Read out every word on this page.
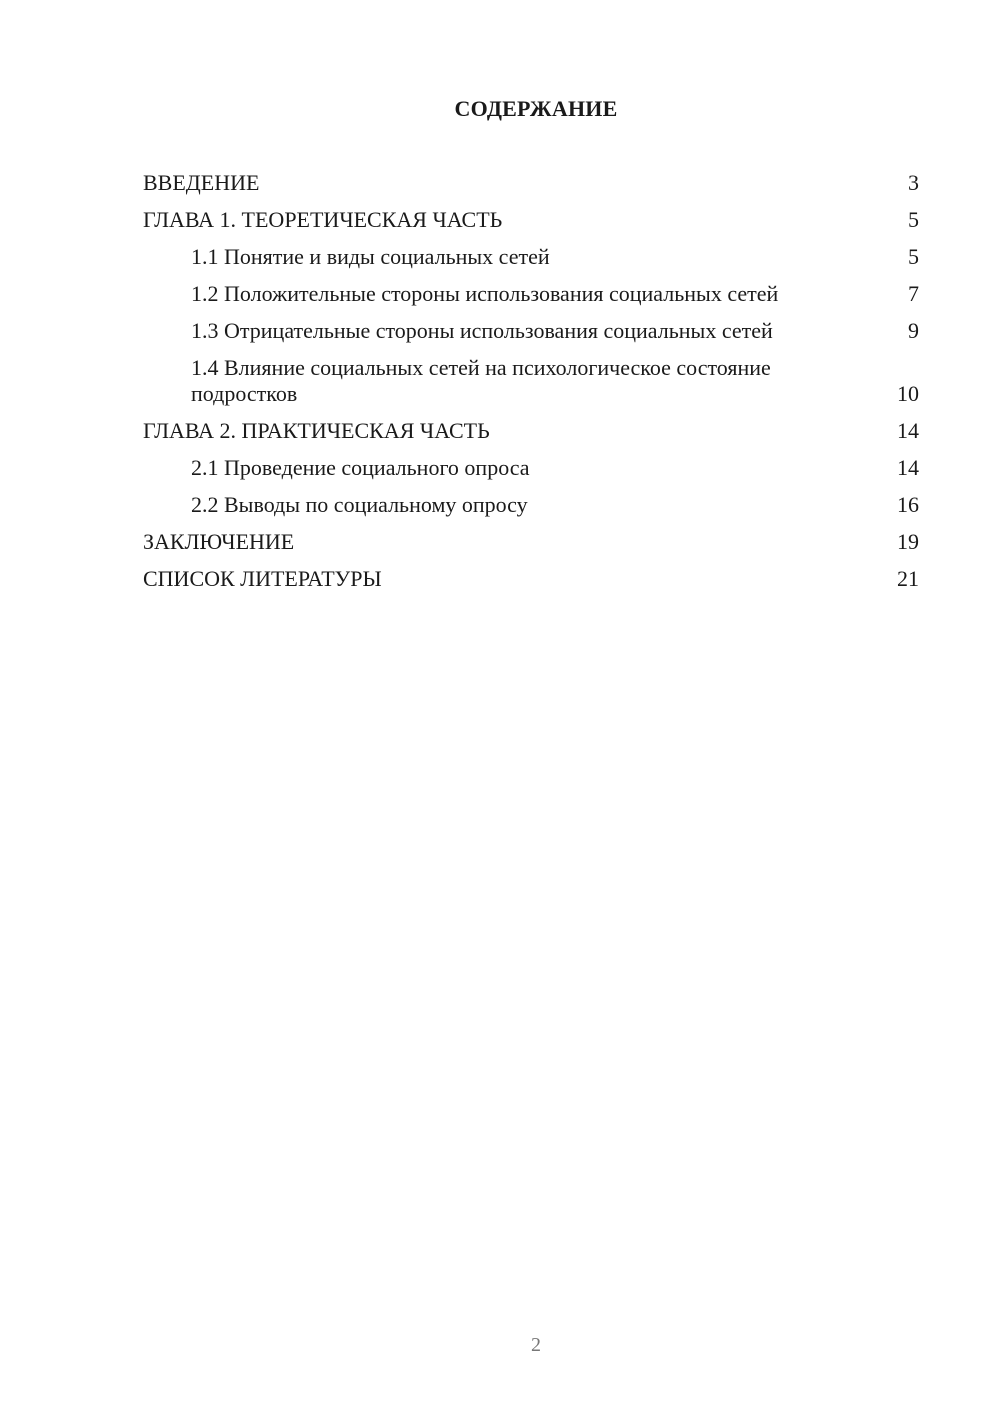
СОДЕРЖАНИЕ
ВВЕДЕНИЕ	3
ГЛАВА 1. ТЕОРЕТИЧЕСКАЯ ЧАСТЬ	5
1.1 Понятие и виды социальных сетей	5
1.2 Положительные стороны использования социальных сетей	7
1.3 Отрицательные стороны использования социальных сетей	9
1.4 Влияние социальных сетей на психологическое состояние подростков	10
ГЛАВА 2. ПРАКТИЧЕСКАЯ ЧАСТЬ	14
2.1 Проведение социального опроса	14
2.2 Выводы по социальному опросу	16
ЗАКЛЮЧЕНИЕ	19
СПИСОК ЛИТЕРАТУРЫ	21
2
